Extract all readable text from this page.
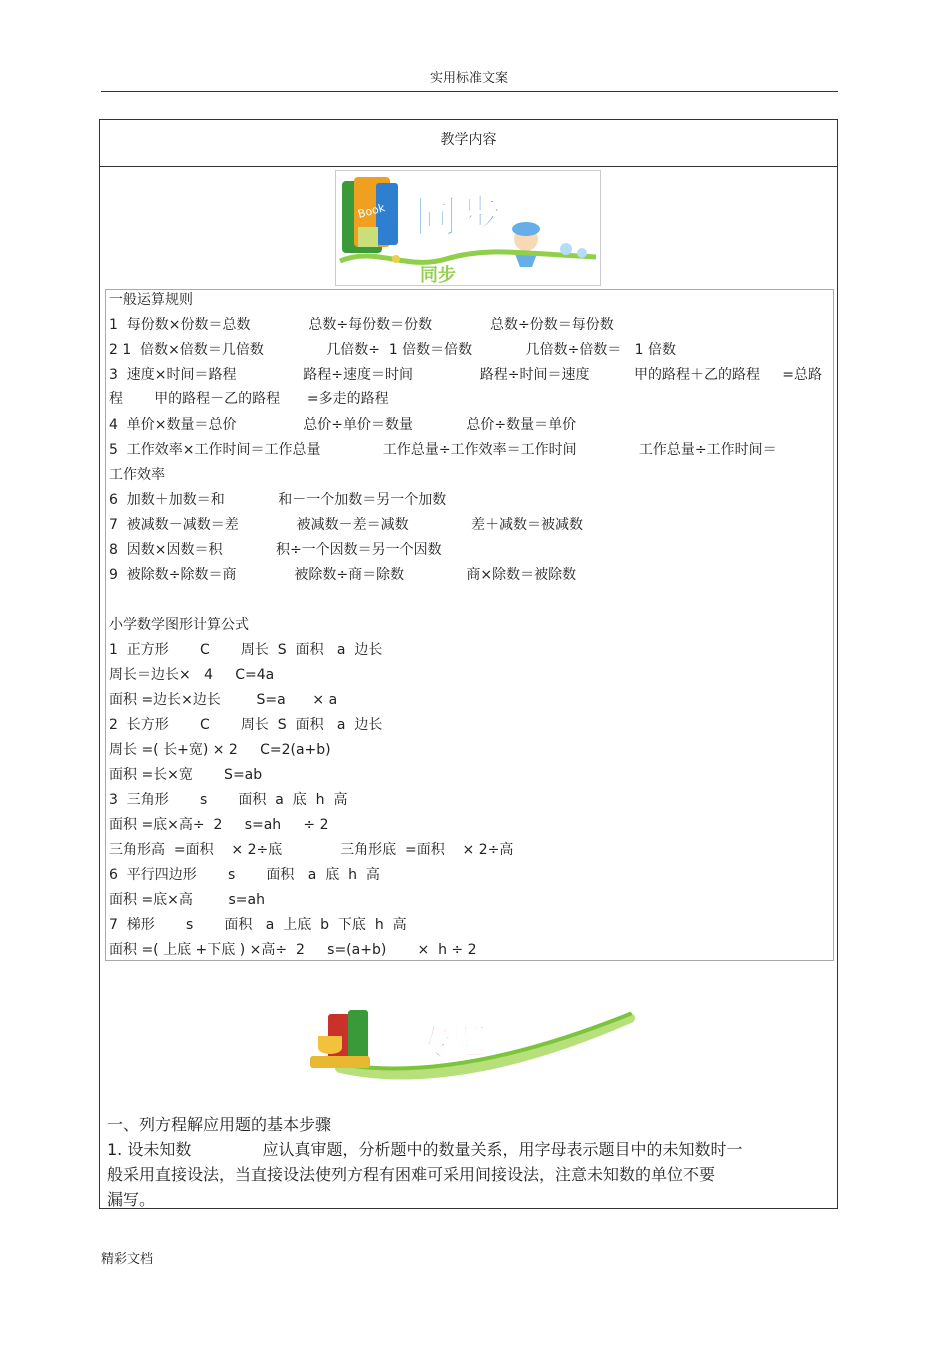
实用标准文案
教学内容
Book 同步
同步
一般运算规则
1  每份数×份数＝总数             总数÷每份数＝份数             总数÷份数＝每份数
2 1  倍数×倍数＝几倍数              几倍数÷  1 倍数＝倍数            几倍数÷倍数＝   1 倍数
3  速度×时间＝路程               路程÷速度＝时间               路程÷时间＝速度          甲的路程＋乙的路程     =总路
程       甲的路程－乙的路程      =多走的路程
4  单价×数量＝总价               总价÷单价＝数量            总价÷数量＝单价
5  工作效率×工作时间＝工作总量              工作总量÷工作效率＝工作时间              工作总量÷工作时间＝
工作效率
6  加数＋加数＝和            和－一个加数＝另一个加数
7  被减数－减数＝差             被减数－差＝减数              差＋减数＝被减数
8  因数×因数＝积            积÷一个因数＝另一个因数
9  被除数÷除数＝商             被除数÷商＝除数              商×除数＝被除数
小学数学图形计算公式
1  正方形       C       周长  S  面积   a  边长
周长＝边长×   4     C=4a
面积 =边长×边长        S=a      × a
2  长方形       C       周长  S  面积   a  边长
周长 =( 长+宽) × 2     C=2(a+b)
面积 =长×宽       S=ab
3  三角形       s       面积  a  底  h  高
面积 =底×高÷  2     s=ah     ÷ 2
三角形高  =面积    × 2÷底             三角形底  =面积    × 2÷高
6  平行四边形       s       面积   a  底  h  高
面积 =底×高        s=ah
7  梯形       s       面积   a  上底  b  下底  h  高
面积 =( 上底 +下底 ) ×高÷  2     s=(a+b)       ×  h ÷ 2
专题
一、列方程解应用题的基本步骤
1. 设未知数              应认真审题，分析题中的数量关系，用字母表示题目中的未知数时一
般采用直接设法，当直接设法使列方程有困难可采用间接设法，注意未知数的单位不要
漏写。
精彩文档
